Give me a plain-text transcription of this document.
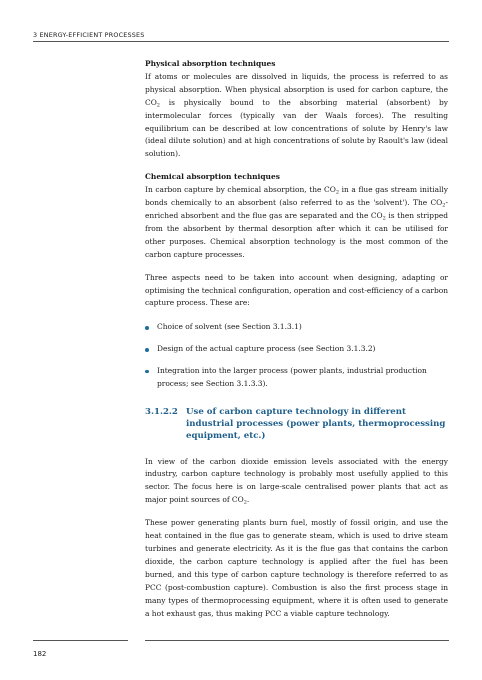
3 ENERGY-EFFICIENT PROCESSES
Physical absorption techniques

If atoms or molecules are dissolved in liquids, the process is referred to as physical absorption. When physical absorption is used for carbon capture, the $CO_2$ is physically bound to the absorbing material (absorbent) by intermolecular forces (typically van der Waals forces). The resulting equilibrium can be described at low concentrations of solute by Henry's law (ideal dilute solution) and at high concentrations of solute by Raoult's law (ideal solution).

Chemical absorption techniques

In carbon capture by chemical absorption, the $CO_2$ in a flue gas stream initially bonds chemically to an absorbent (also referred to as the 'solvent'). The $CO_2$-enriched absorbent and the flue gas are separated and the $CO_2$ is then stripped from the absorbent by thermal desorption after which it can be utilised for other purposes. Chemical absorption technology is the most common of the carbon capture processes.

Three aspects need to be taken into account when designing, adapting or optimising the technical configuration, operation and cost-efficiency of a carbon capture process. These are:

Choice of solvent (see Section 3.1.3.1)
Design of the actual capture process (see Section 3.1.3.2)
Integration into the larger process (power plants, industrial production process; see Section 3.1.3.3).
3.1.2.2 Use of carbon capture technology in different industrial processes (power plants, thermoprocessing equipment, etc.)

In view of the carbon dioxide emission levels associated with the energy industry, carbon capture technology is probably most usefully applied to this sector. The focus here is on large-scale centralised power plants that act as major point sources of $CO_2$.

These power generating plants burn fuel, mostly of fossil origin, and use the heat contained in the flue gas to generate steam, which is used to drive steam turbines and generate electricity. As it is the flue gas that contains the carbon dioxide, the carbon capture technology is applied after the fuel has been burned, and this type of carbon capture technology is therefore referred to as PCC (post-combustion capture). Combustion is also the first process stage in many types of thermoprocessing equipment, where it is often used to generate a hot exhaust gas, thus making PCC a viable capture technology.

182
